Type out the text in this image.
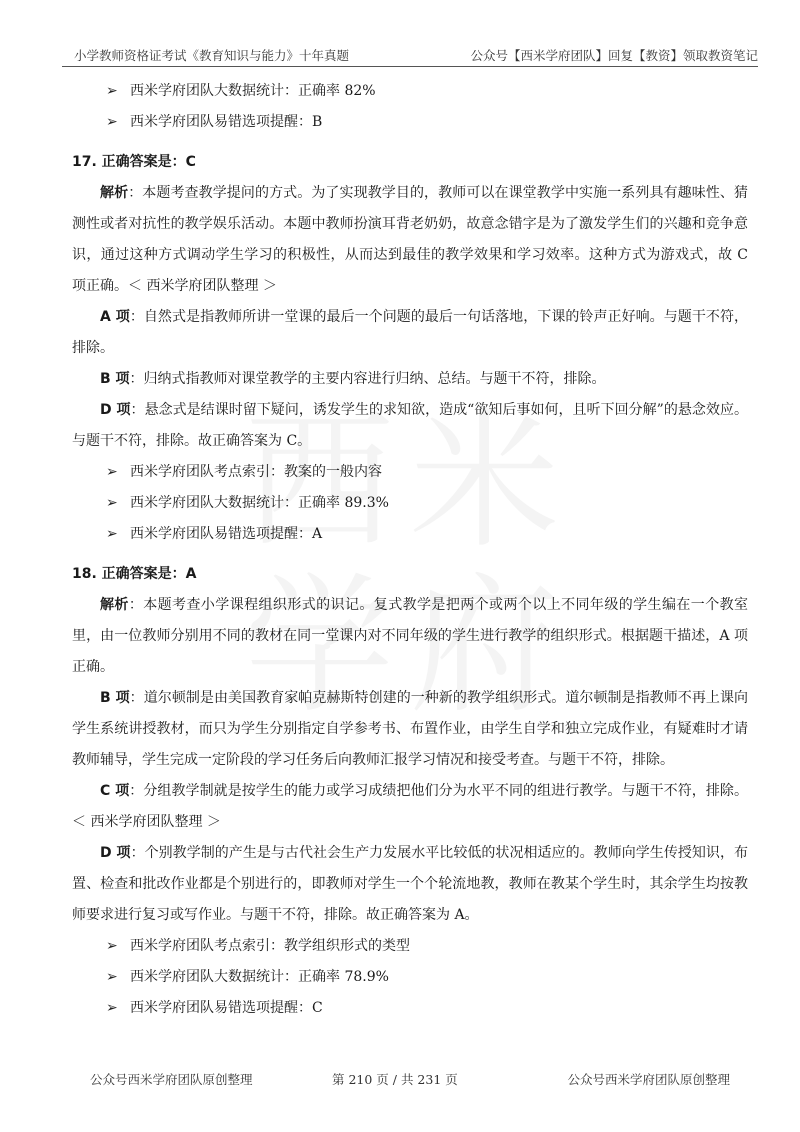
小学教师资格证考试《教育知识与能力》十年真题	公众号【西米学府团队】回复【教资】领取教资笔记
➢ 西米学府团队大数据统计：正确率 82%
➢ 西米学府团队易错选项提醒：B
17. 正确答案是：C
解析：本题考查教学提问的方式。为了实现教学目的，教师可以在课堂教学中实施一系列具有趣味性、猜测性或者对抗性的教学娱乐活动。本题中教师扮演耳背老奶奶，故意念错字是为了激发学生们的兴趣和竞争意识，通过这种方式调动学生学习的积极性，从而达到最佳的教学效果和学习效率。这种方式为游戏式，故 C 项正确。＜ 西米学府团队整理 ＞
A 项：自然式是指教师所讲一堂课的最后一个问题的最后一句话落地，下课的铃声正好响。与题干不符，排除。
B 项：归纳式指教师对课堂教学的主要内容进行归纳、总结。与题干不符，排除。
D 项：悬念式是结课时留下疑问，诱发学生的求知欲，造成“欲知后事如何，且听下回分解”的悬念效应。与题干不符，排除。故正确答案为 C。
➢ 西米学府团队考点索引：教案的一般内容
➢ 西米学府团队大数据统计：正确率 89.3%
➢ 西米学府团队易错选项提醒：A
18. 正确答案是：A
解析：本题考查小学课程组织形式的识记。复式教学是把两个或两个以上不同年级的学生编在一个教室里，由一位教师分别用不同的教材在同一堂课内对不同年级的学生进行教学的组织形式。根据题干描述，A 项正确。
B 项：道尔顿制是由美国教育家帕克赫斯特创建的一种新的教学组织形式。道尔顿制是指教师不再上课向学生系统讲授教材，而只为学生分别指定自学参考书、布置作业，由学生自学和独立完成作业，有疑难时才请教师辅导，学生完成一定阶段的学习任务后向教师汇报学习情况和接受考查。与题干不符，排除。
C 项：分组教学制就是按学生的能力或学习成绩把他们分为水平不同的组进行教学。与题干不符，排除。＜ 西米学府团队整理 ＞
D 项：个别教学制的产生是与古代社会生产力发展水平比较低的状况相适应的。教师向学生传授知识，布置、检查和批改作业都是个别进行的，即教师对学生一个个轮流地教，教师在教某个学生时，其余学生均按教师要求进行复习或写作业。与题干不符，排除。故正确答案为 A。
➢ 西米学府团队考点索引：教学组织形式的类型
➢ 西米学府团队大数据统计：正确率 78.9%
➢ 西米学府团队易错选项提醒：C
公众号西米学府团队原创整理	第 210 页 / 共 231 页	公众号西米学府团队原创整理
